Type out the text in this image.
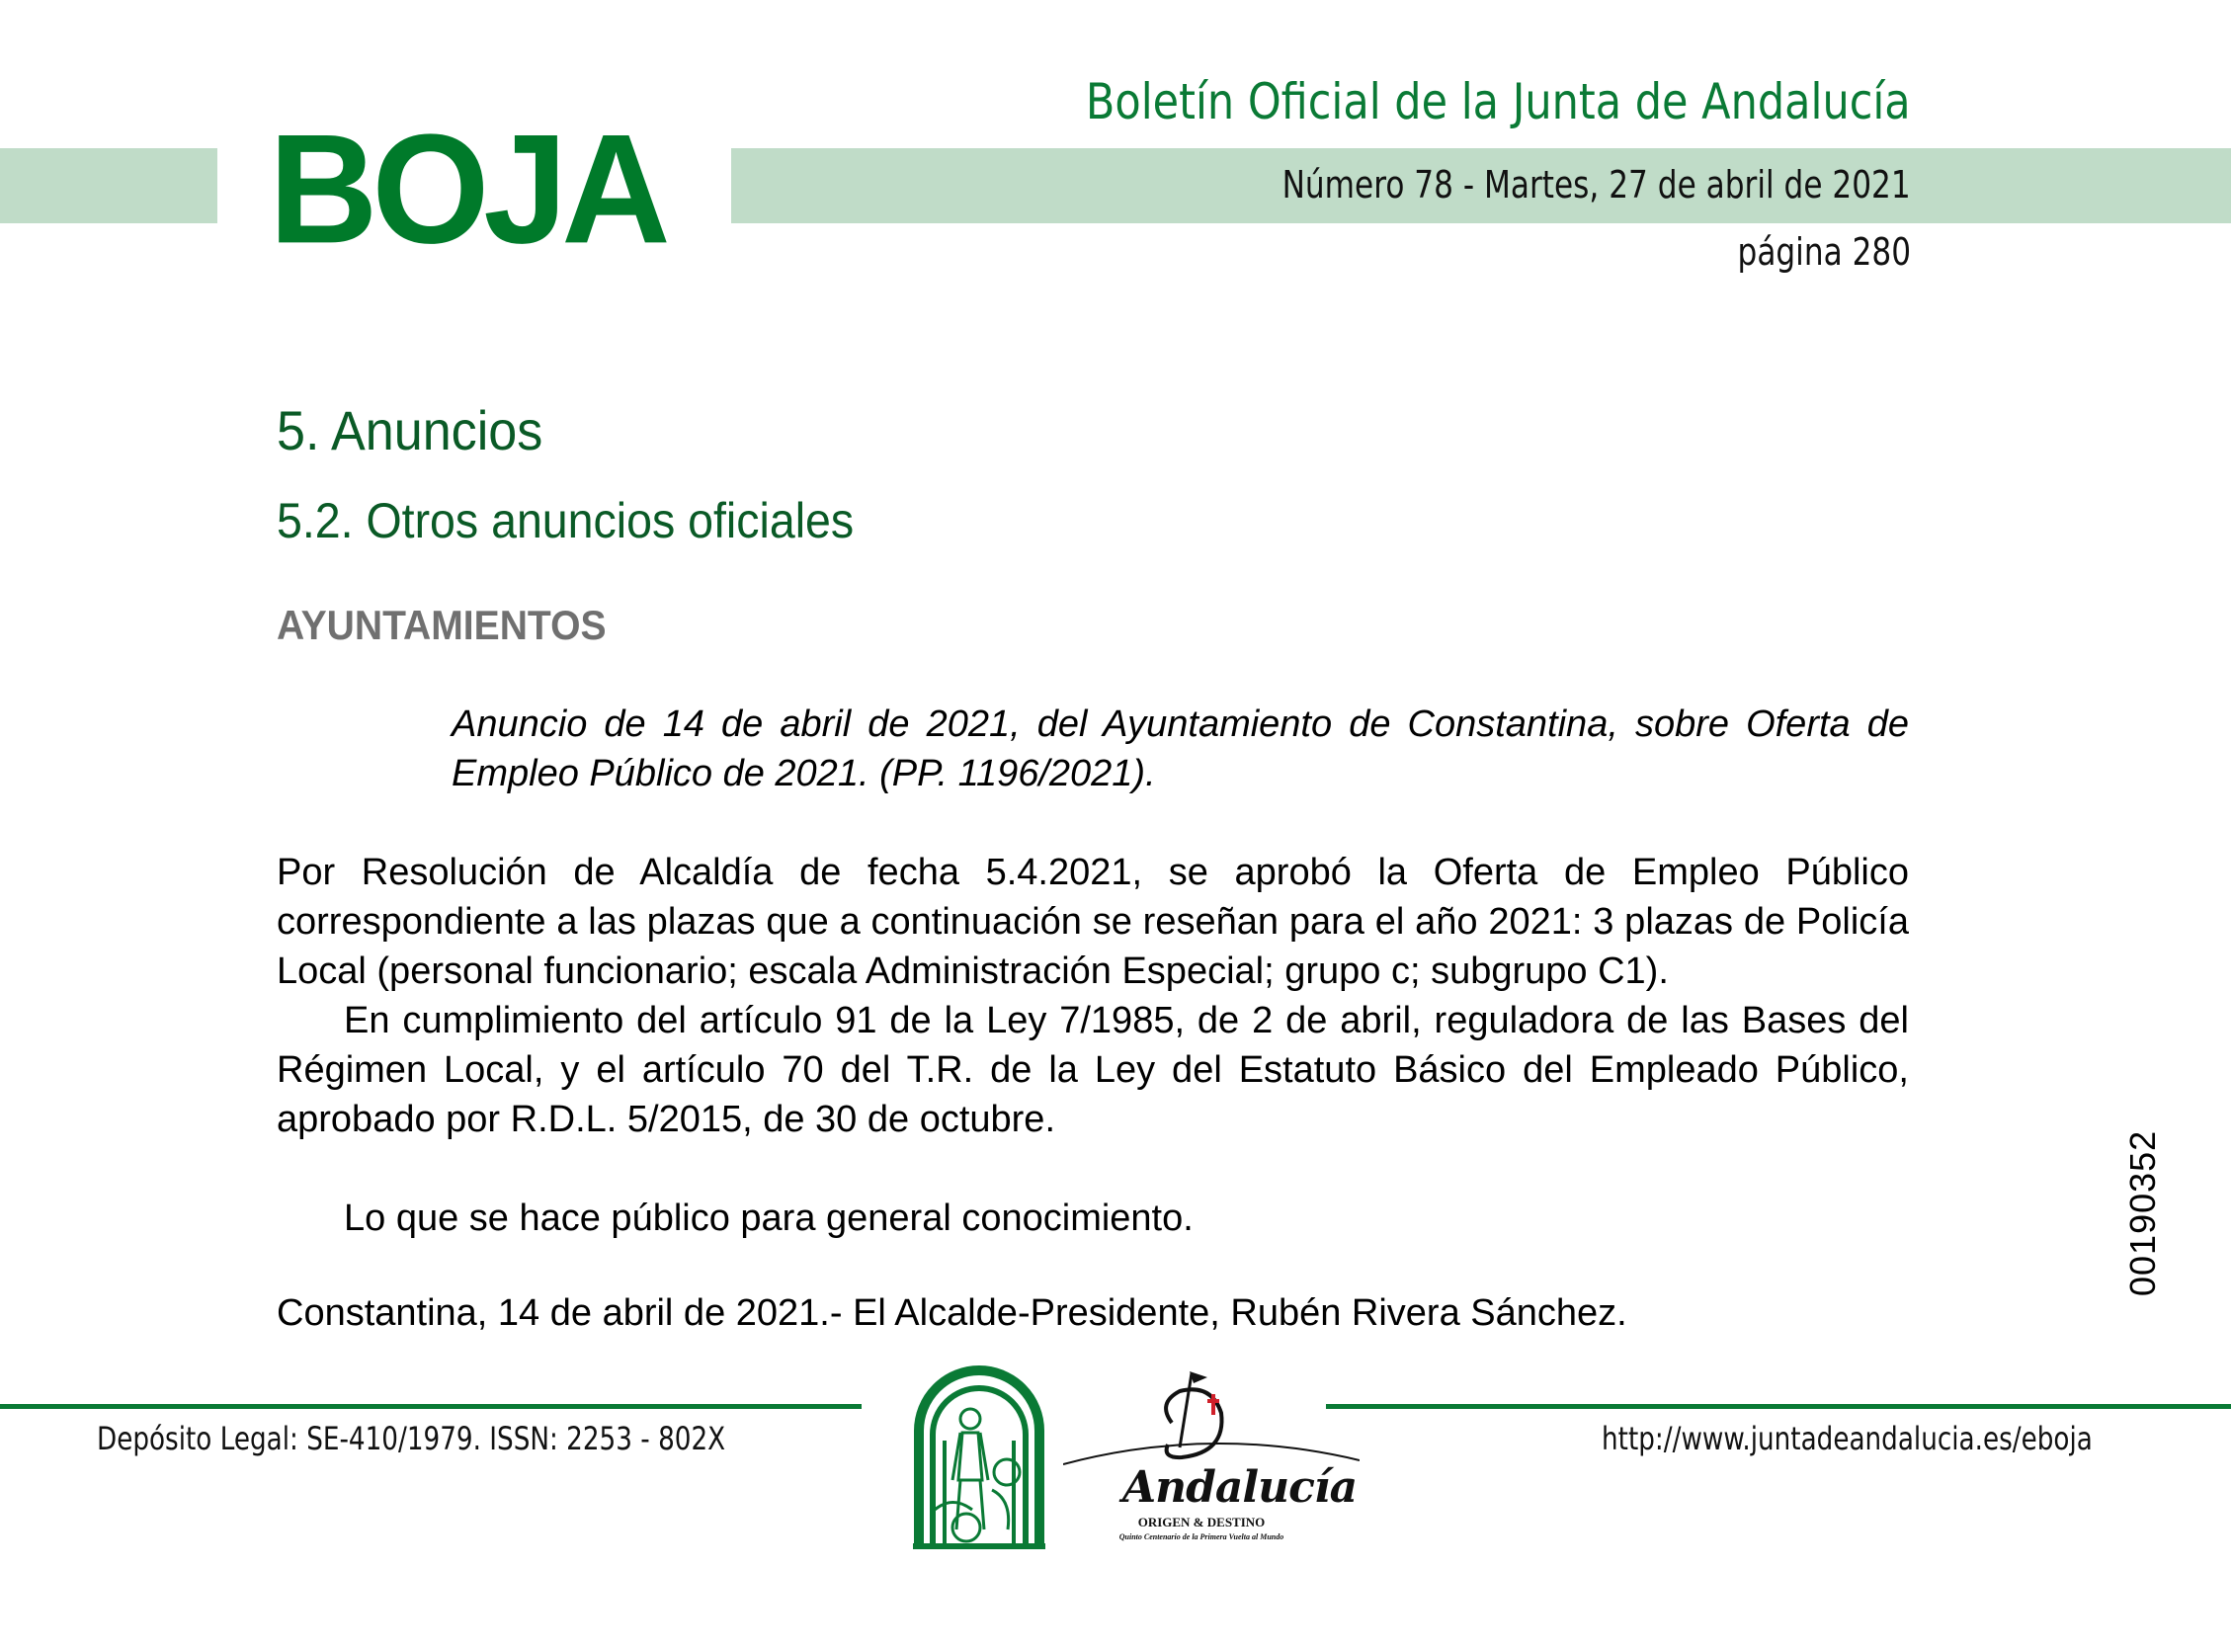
BOJA	Boletín Oficial de la Junta de Andalucía
Número 78 - Martes, 27 de abril de 2021
página 280
5. Anuncios
5.2. Otros anuncios oficiales
AYUNTAMIENTOS
Anuncio de 14 de abril de 2021, del Ayuntamiento de Constantina, sobre Oferta de Empleo Público de 2021. (PP. 1196/2021).
Por Resolución de Alcaldía de fecha 5.4.2021, se aprobó la Oferta de Empleo Público correspondiente a las plazas que a continuación se reseñan para el año 2021: 3 plazas de Policía Local (personal funcionario; escala Administración Especial; grupo c; subgrupo C1).
En cumplimiento del artículo 91 de la Ley 7/1985, de 2 de abril, reguladora de las Bases del Régimen Local, y el artículo 70 del T.R. de la Ley del Estatuto Básico del Empleado Público, aprobado por R.D.L. 5/2015, de 30 de octubre.
Lo que se hace público para general conocimiento.
Constantina, 14 de abril de 2021.- El Alcalde-Presidente, Rubén Rivera Sánchez.
00190352
Depósito Legal: SE-410/1979. ISSN: 2253 - 802X	http://www.juntadeandalucia.es/eboja
Andalucía
ORIGEN & DESTINO
Quinto Centenario de la Primera Vuelta al Mundo
